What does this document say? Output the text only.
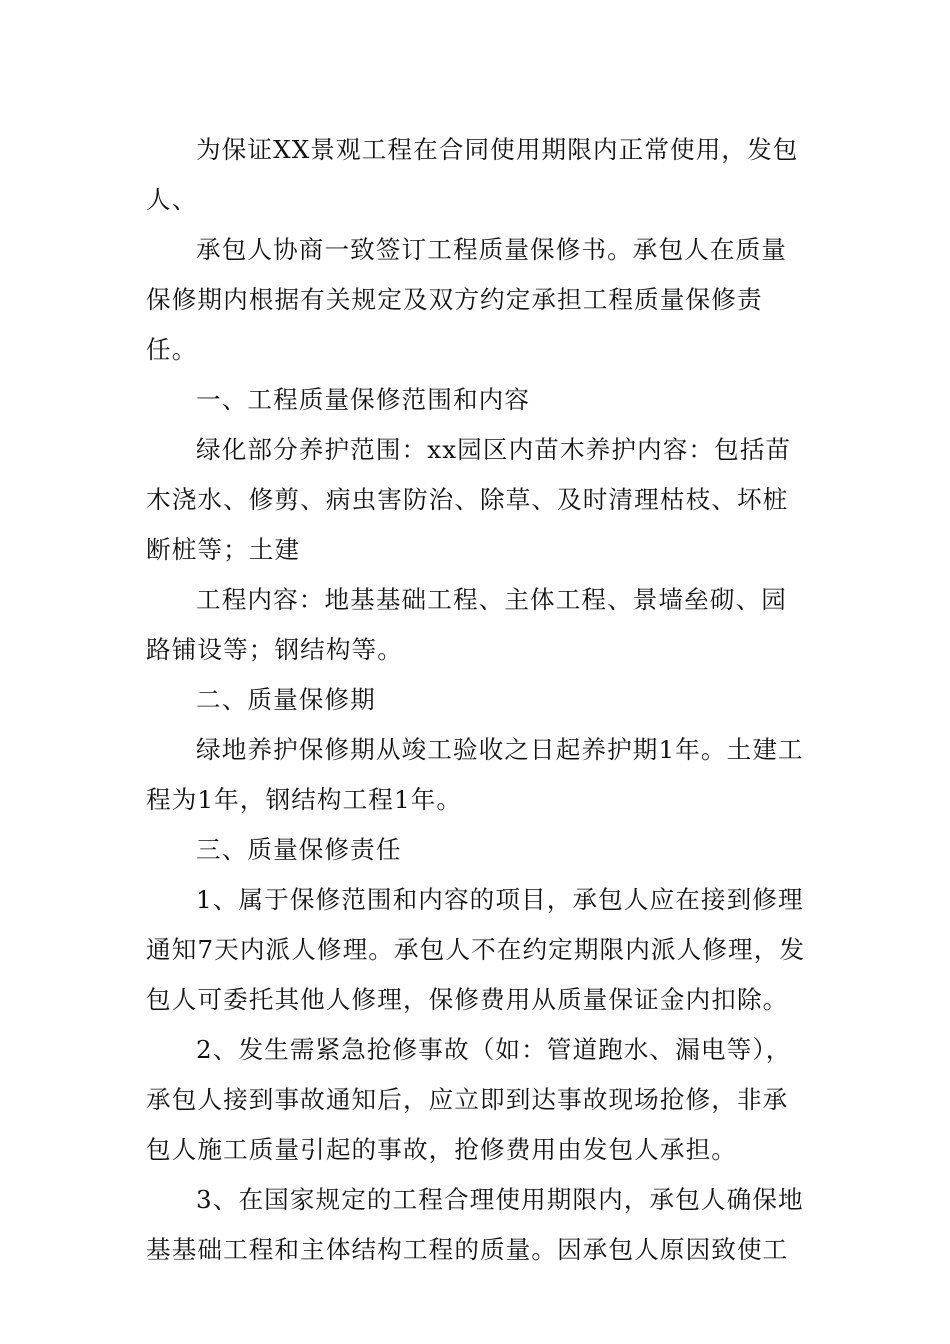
为保证XX景观工程在合同使用期限内正常使用，发包人、

承包人协商一致签订工程质量保修书。承包人在质量保修期内根据有关规定及双方约定承担工程质量保修责任。

一、工程质量保修范围和内容

绿化部分养护范围：xx园区内苗木养护内容：包括苗木浇水、修剪、病虫害防治、除草、及时清理枯枝、坏桩断桩等；土建

工程内容：地基基础工程、主体工程、景墙垒砌、园路铺设等；钢结构等。

二、质量保修期

绿地养护保修期从竣工验收之日起养护期1年。土建工程为1年，钢结构工程1年。

三、质量保修责任

1、属于保修范围和内容的项目，承包人应在接到修理通知7天内派人修理。承包人不在约定期限内派人修理，发包人可委托其他人修理，保修费用从质量保证金内扣除。

2、发生需紧急抢修事故（如：管道跑水、漏电等），承包人接到事故通知后，应立即到达事故现场抢修，非承包人施工质量引起的事故，抢修费用由发包人承担。

3、在国家规定的工程合理使用期限内，承包人确保地基基础工程和主体结构工程的质量。因承包人原因致使工
